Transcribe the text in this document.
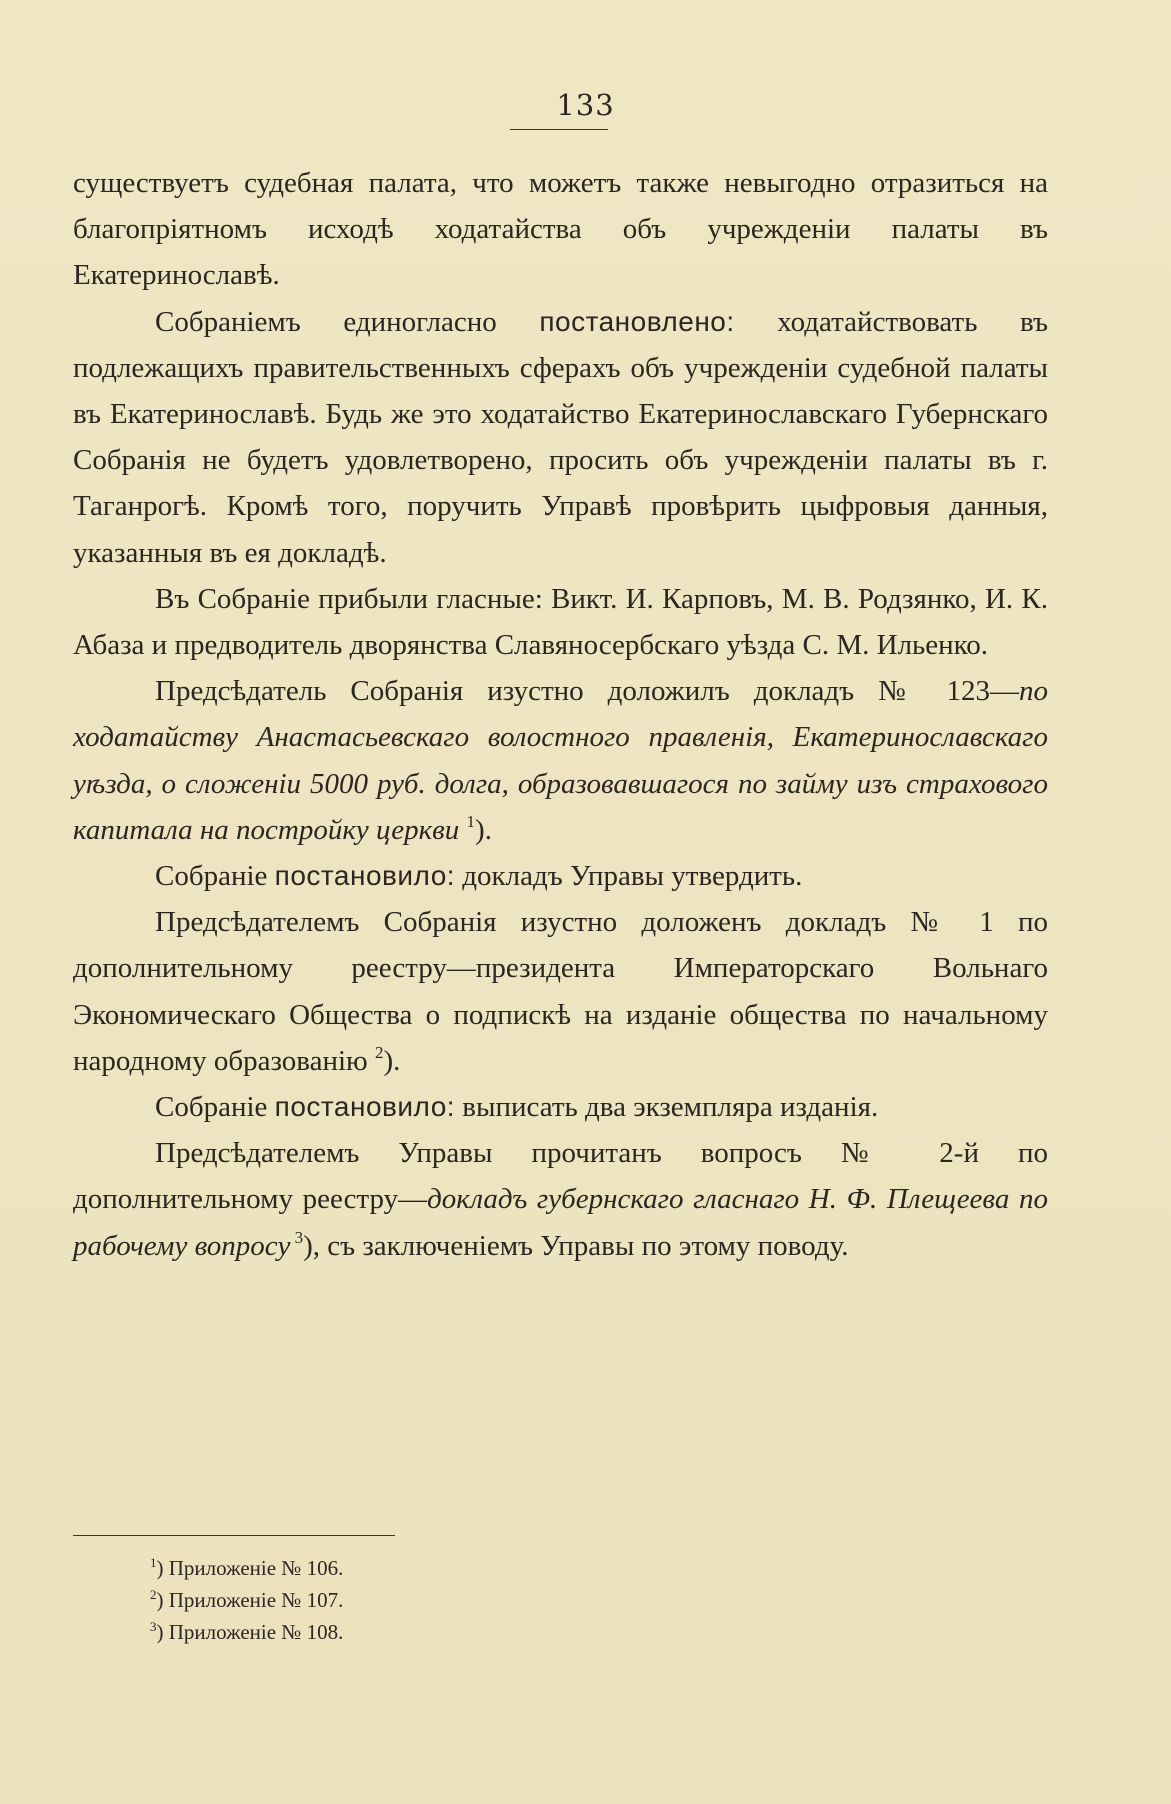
133

существуетъ судебная палата, что можетъ также невыгодно отразиться на благопріятномъ исходѣ ходатайства объ учрежденіи палаты въ Екатеринославѣ.

Собраніемъ единогласно постановлено: ходатайствовать въ подлежащихъ правительственныхъ сферахъ объ учрежденіи судебной палаты въ Екатеринославѣ. Будь же это ходатайство Екатеринославскаго Губернскаго Собранія не будетъ удовлетворено, просить объ учрежденіи палаты въ г. Таганрогѣ. Кромѣ того, поручить Управѣ провѣрить цыфровыя данныя, указанныя въ ея докладѣ.

Въ Собраніе прибыли гласные: Викт. И. Карповъ, М. В. Родзянко, И. К. Абаза и предводитель дворянства Славяносербскаго уѣзда С. М. Ильенко.

Предсѣдатель Собранія изустно доложилъ докладъ № 123—по ходатайству Анастасьевскаго волостного правленія, Екатеринославскаго уѣзда, о сложеніи 5000 руб. долга, образовавшагося по займу изъ страхового капитала на постройку церкви $^1$).

Собраніе постановило: докладъ Управы утвердить.

Предсѣдателемъ Собранія изустно доложенъ докладъ № 1 по дополнительному реестру—президента Императорскаго Вольнаго Экономическаго Общества о подпискѣ на изданіе общества по начальному народному образованію $^2$).

Собраніе постановило: выписать два экземпляра изданія.

Предсѣдателемъ Управы прочитанъ вопросъ № 2-й по дополнительному реестру—докладъ губернскаго гласнаго Н. Ф. Плещеева по рабочему вопросу $^3$), съ заключеніемъ Управы по этому поводу.

$^1$) Приложеніе № 106.
$^2$) Приложеніе № 107.
$^3$) Приложеніе № 108.
